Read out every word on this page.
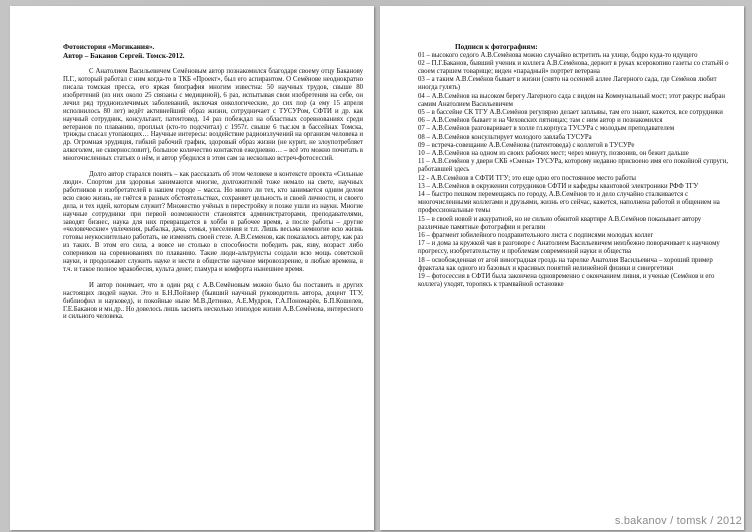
Фотоистория «Могикания».

Автор – Баканов Сергей. Томск-2012.

С Анатолием Васильевичем Семёновым автор познакомился благодаря своему отцу Баканову П.Г., который работал с ним когда-то в ТКБ «Проект», был его аспирантом. О Семёнове неоднократно писала томская пресса, его яркая биография многим известна: 50 научных трудов, свыше 80 изобретений (из них около 25 связаны с медициной), 6 раз, испытывая свои изобретения на себе, он лечил ряд трудноизлечимых заболеваний, включая онкологические, до сих пор (а ему 15 апреля исполнилось 80 лет) ведёт активнейший образ жизни, сотрудничает с ТУСУРом, СФТИ и др. как научный сотрудник, консультант, патентовед. 14 раз побеждал на областных соревнованиях среди ветеранов по плаванию, проплыл (кто-то подсчитал) с 1957г. свыше 6 тыс.км в бассейнах Томска, трижды спасал утопающих… Научные интересы: воздействие радиоизлучений на организм человека и др. Огромная эрудиция, гибкий рабочий график, здоровый образ жизни (не курит, не злоупотребляет алкоголем, не сквернословит), большое количество контактов ежедневно… – всё это можно почитать в многочисленных статьях о нём, и автор убедился в этом сам за несколько встреч-фотосессий.

Долго автор старался понять – как рассказать об этом человеке в контексте проекта «Сильные люди». Спортом для здоровья занимаются многие, долгожителей тоже немало на свете, научных работников и изобретателей в нашем городе – масса. Но много ли тех, кто занимается одним делом всю свою жизнь, не гнётся в разных обстоятельствах, сохраняет цельность и своей личности, и своего дела, и тех идей, которым служит? Множество учёных в перестройку и позже ушли из науки. Многие научные сотрудники при первой возможности становятся администраторами, преподавателями, заводят бизнес, наука для них превращается в хобби в рабочее время, а после работы – другие «человеческие» увлечения, рыбалка, дача, семья, увеселения и т.п. Лишь весьма немногие всю жизнь готовы неукоснительно работать, не изменять своей стезе. А.В.Семенов, как показалось автору, как раз из таких. В этом его сила, а вовсе не столько в способности победить рак, язву, возраст либо соперников на соревнованиях по плаванию. Такие люди-альтруисты создали всю мощь советской науки, и продолжают служить науке и нести в обществе научное мировоззрение, в любые времена, в т.ч. и такое полное мракобесия, культа денег, гламура и комфорта нынешнее время.

И автор понимает, что в один ряд с А.В.Семёновым можно было бы поставить и других настоящих людей науки. Это и Б.Н.Пойзнер (бывший научный руководитель автора, доцент ТГУ, библиофил и науковед), и покойные ныне М.В.Детинко, А.Е.Мудров, Г.А.Пономарёв, Б.П.Кошелев, Г.Е.Баканов и мн.др.. Но довелось лишь заснять несколько эпизодов жизни А.В.Семёнова, интересного и сильного человека.

Подписи к фотографиям:

01 – высокого седого А.В.Семёнова можно случайно встретить на улице, бодро куда-то идущего
02 – П.Г.Баканов, бывший ученик и коллега А.В.Семёнова, держит в руках ксерокопию газеты со статьёй о своем старшем товарище; виден «парадный» портрет ветерана
03 – а таким А.В.Семёнов бывает в жизни (снято на осенней аллее Лагерного сада, где Семёнов любит иногда гулять)
04 – А.В.Семёнов на высоком берегу Лагерного сада с видом на Коммунальный мост; этот ракурс выбран самим Анатолием Васильевичем
05 – в бассейне СК ТГУ А.В.Семёнов регулярно делает заплывы, там его знают, кажется, все сотрудники
06 – А.В.Семёнов бывает и на Чеховских пятницах; там с ним автор и познакомился
07 – А.В.Семёнов разговаривает в холле гл.корпуса ТУСУРа с молодым преподавателем
08 – А.В.Семёнов консультирует молодого завлаба ТУСУРа
09 – встреча-совещание А.В.Семёнова (патентоведа) с коллегой в ТУСУРе
10 – А.В.Семёнов на одном из своих рабочих мест; через минуту, позвонив, он бежит дальше
11 – А.В.Семёнов у двери СКБ «Смена» ТУСУРа, которому недавно присвоено имя его покойной супруги, работавшей здесь
12 - А.В.Семёнов в СФТИ ТГУ; это еще одно его постоянное место работы
13 – А.В.Семёнов в окружении сотрудников СФТИ и кафедры квантовой электроники РФФ ТГУ
14 – быстро пешком перемещаясь по городу, А.В.Семёнов то и дело случайно сталкивается с многочисленными коллегами и друзьями, жизнь его сейчас, кажется, наполнена работой и общением на профессиональные темы
15 – в своей новой и аккуратной, но не сильно обжитой квартире А.В.Семёнов показывает автору различные памятные фотографии и регалии
16 – фрагмент юбилейного поздравительного листа с подписями молодых коллег
17 – и дома за кружкой чая в разговоре с Анатолием Васильевичем неизбежно поворачивает к научному прогрессу, изобретательству и проблемам современной науки и общества
18 – освобожденная от агой виноградная гроздь на тарелке Анатолия Васильевича – хороший пример фрактала как одного из базовых и красивых понятий нелинейной физики и синергетики
19 – фотосессия в СФТИ была закончена одновременно с окончанием ливня, и ученые (Семёнов и его коллега) уходят, торопясь к трамвайной остановке
s.bakanov / tomsk / 2012
